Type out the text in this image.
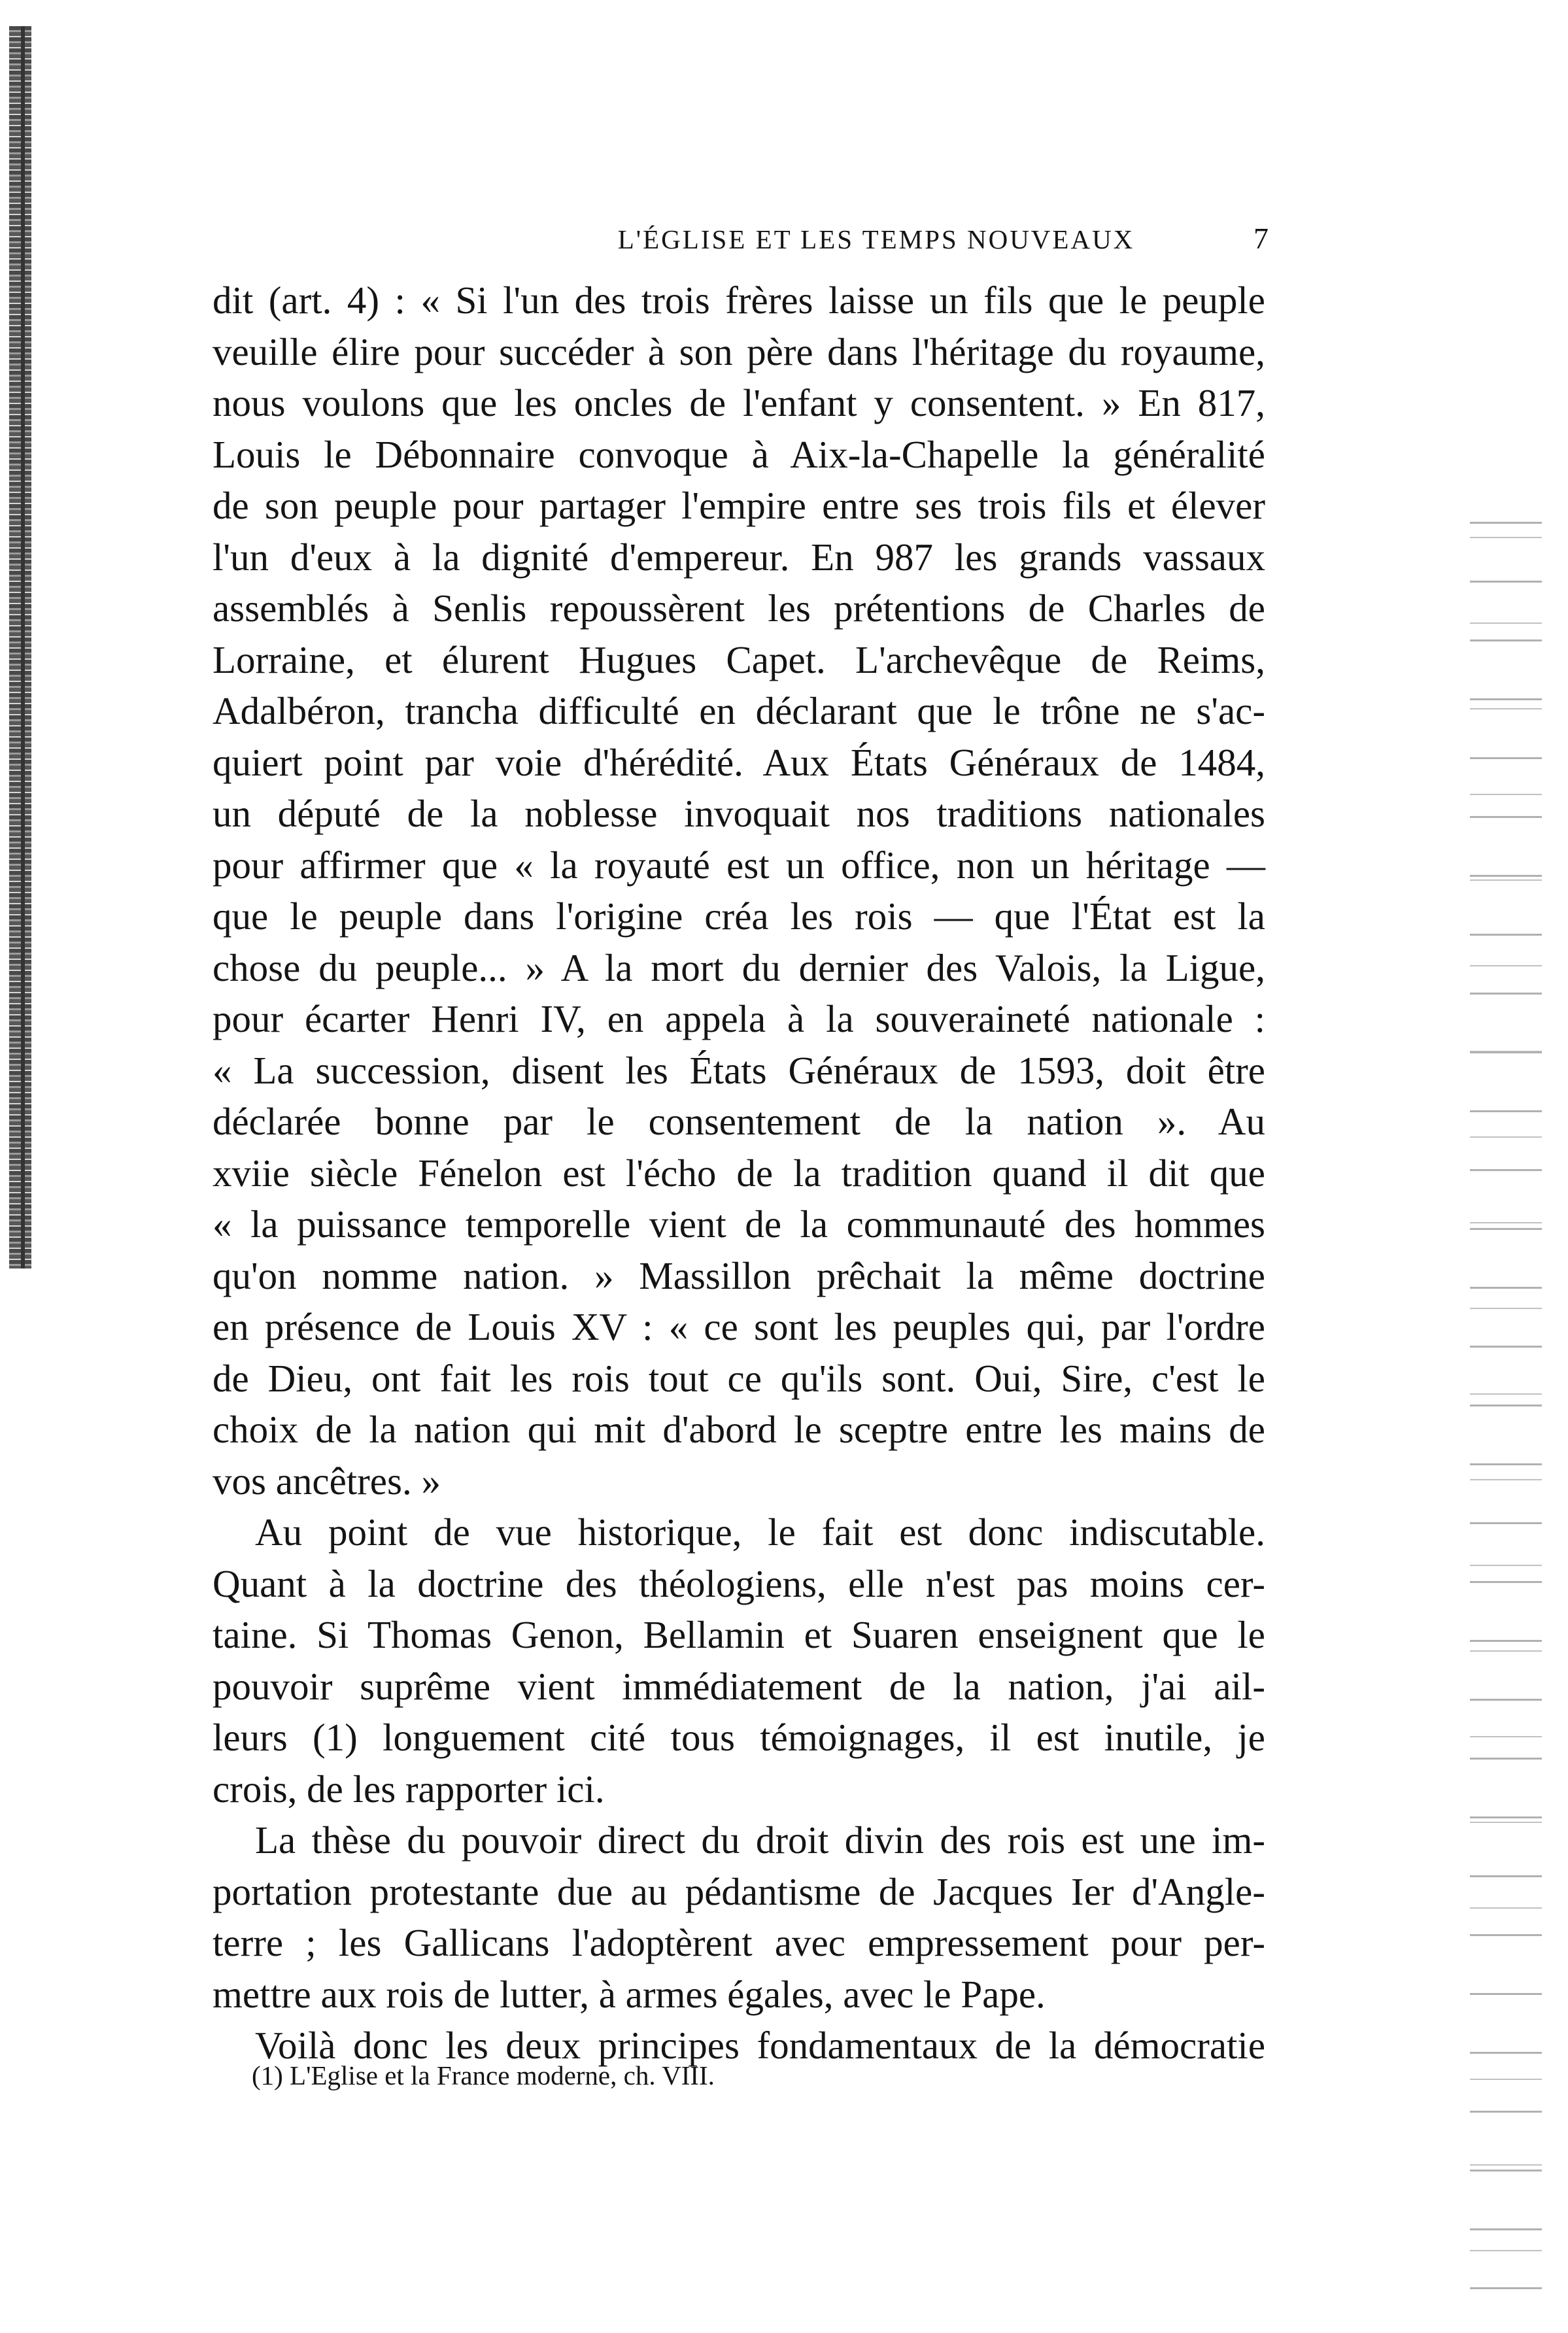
L'ÉGLISE ET LES TEMPS NOUVEAUX	7

dit (art. 4) : « Si l'un des trois frères laisse un fils que le peuple
veuille élire pour succéder à son père dans l'héritage du royaume,
nous voulons que les oncles de l'enfant y consentent. » En 817,
Louis le Débonnaire convoque à Aix-la-Chapelle la généralité
de son peuple pour partager l'empire entre ses trois fils et élever
l'un d'eux à la dignité d'empereur. En 987 les grands vassaux
assemblés à Senlis repoussèrent les prétentions de Charles de
Lorraine, et élurent Hugues Capet. L'archevêque de Reims,
Adalbéron, trancha difficulté en déclarant que le trône ne s'ac-
quiert point par voie d'hérédité. Aux États Généraux de 1484,
un député de la noblesse invoquait nos traditions nationales
pour affirmer que « la royauté est un office, non un héritage —
que le peuple dans l'origine créa les rois — que l'État est la
chose du peuple... » A la mort du dernier des Valois, la Ligue,
pour écarter Henri IV, en appela à la souveraineté nationale :
« La succession, disent les États Généraux de 1593, doit être
déclarée bonne par le consentement de la nation ». Au
xviie siècle Fénelon est l'écho de la tradition quand il dit que
« la puissance temporelle vient de la communauté des hommes
qu'on nomme nation. » Massillon prêchait la même doctrine
en présence de Louis XV : « ce sont les peuples qui, par l'ordre
de Dieu, ont fait les rois tout ce qu'ils sont. Oui, Sire, c'est le
choix de la nation qui mit d'abord le sceptre entre les mains de
vos ancêtres. »

Au point de vue historique, le fait est donc indiscutable.

Quant à la doctrine des théologiens, elle n'est pas moins cer-
taine. Si Thomas Genon, Bellamin et Suaren enseignent que le
pouvoir suprême vient immédiatement de la nation, j'ai ail-
leurs (1) longuement cité tous témoignages, il est inutile, je
crois, de les rapporter ici.

La thèse du pouvoir direct du droit divin des rois est une im-

portation protestante due au pédantisme de Jacques Ier d'Angle-
terre ; les Gallicans l'adoptèrent avec empressement pour per-
mettre aux rois de lutter, à armes égales, avec le Pape.

Voilà donc les deux principes fondamentaux de la démocratie

(1) L'Eglise et la France moderne, ch. VIII.
